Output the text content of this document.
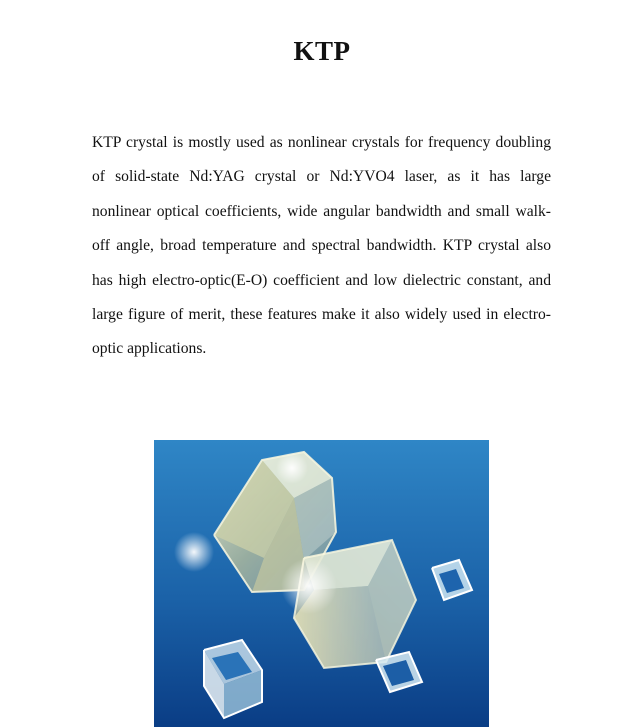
KTP

KTP crystal is mostly used as nonlinear crystals for frequency doubling of solid-state Nd:YAG crystal or Nd:YVO4 laser, as it has large nonlinear optical coefficients, wide angular bandwidth and small walk-off angle, broad temperature and spectral bandwidth. KTP crystal also has high electro-optic(E-O) coefficient and low dielectric constant, and large figure of merit, these features make it also widely used in electro-optic applications.
